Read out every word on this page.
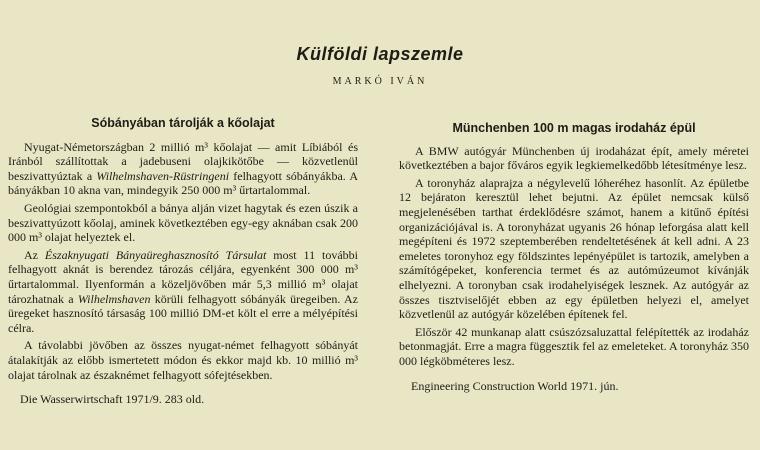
Külföldi lapszemle
MARKÓ IVÁN
Sóbányában tárolják a kőolajat
Nyugat-Németországban 2 millió m³ kőolajat — amit Líbiából és Iránból szállítottak a jadebuseni olajkikötőbe — közvetlenül beszivattyúztak a Wilhelmshaven-Rüstringeni felhagyott sóbányákba. A bányákban 10 akna van, mindegyik 250 000 m³ űrtartalommal.
Geológiai szempontokból a bánya alján vizet hagytak és ezen úszik a beszivattyúzott kőolaj, aminek következtében egy-egy aknában csak 200 000 m³ olajat helyeztek el.
Az Északnyugati Bányaüreghasznosító Társulat most 11 további felhagyott aknát is berendez tározás céljára, egyenként 300 000 m³ űrtartalommal. Ilyenformán a közeljövőben már 5,3 millió m³ olajat tározhatnak a Wilhelmshaven körüli felhagyott sóbányák üregeiben. Az üregeket hasznosító társaság 100 millió DM-et költ el erre a mélyépítési célra.
A távolabbi jövőben az összes nyugat-német felhagyott sóbányát átalakítják az előbb ismertetett módon és ekkor majd kb. 10 millió m³ olajat tárolnak az északnémet felhagyott sófejtésekben.
Die Wasserwirtschaft 1971/9. 283 old.
Münchenben 100 m magas irodaház épül
A BMW autógyár Münchenben új irodaházat épít, amely méretei következtében a bajor főváros egyik legkiemelkedőbb létesítménye lesz.
A toronyház alaprajza a négylevelű lóheréhez hasonlít. Az épületbe 12 bejáraton keresztül lehet bejutni. Az épület nemcsak külső megjelenésében tarthat érdeklődésre számot, hanem a kitűnő építési organizációjával is. A toronyházat ugyanis 26 hónap leforgása alatt kell megépíteni és 1972 szeptemberében rendeltetésének át kell adni. A 23 emeletes toronyhoz egy földszintes lepényépület is tartozik, amelyben a számítógépeket, konferencia termet és az autómúzeumot kívánják elhelyezni. A toronyban csak irodahelyiségek lesznek. Az autógyár az összes tisztviselőjét ebben az egy épületben helyezi el, amelyet közvetlenül az autógyár közelében építenek fel.
Először 42 munkanap alatt csúszózsaluzattal felépítették az irodaház betonmagját. Erre a magra függesztik fel az emeleteket. A toronyház 350 000 légköbméteres lesz.
Engineering Construction World 1971. jún.
